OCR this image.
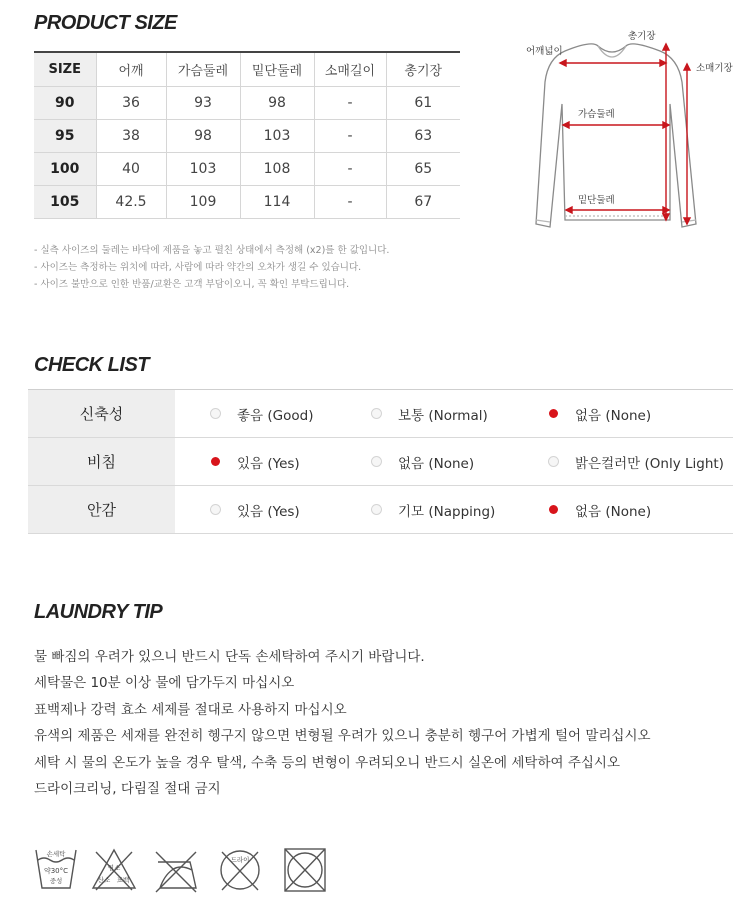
PRODUCT SIZE
SIZE	어깨	가슴둘레	밑단둘레	소매길이	총기장
90	36	93	98	-	61
95	38	98	103	-	63
100	40	103	108	-	65
105	42.5	109	114	-	67
- 실측 사이즈의 둘레는 바닥에 제품을 놓고 펼친 상태에서 측정해 (x2)를 한 값입니다.
- 사이즈는 측정하는 위치에 따라, 사람에 따라 약간의 오차가 생길 수 있습니다.
- 사이즈 불만으로 인한 반품/교환은 고객 부담이오니, 꼭 확인 부탁드립니다.
어깨넓이
총기장
소매기장
가슴둘레
밑단둘레
CHECK LIST
신축성	좋음 (Good)	보통 (Normal)	없음 (None)
비침	있음 (Yes)	없음 (None)	밝은컬러만 (Only Light)
안감	있음 (Yes)	기모 (Napping)	없음 (None)
LAUNDRY TIP
물 빠짐의 우려가 있으니 반드시 단독 손세탁하여 주시기 바랍니다.
세탁물은 10분 이상 물에 담가두지 마십시오
표백제나 강력 효소 세제를 절대로 사용하지 마십시오
유색의 제품은 세재를 완전히 헹구지 않으면 변형될 우려가 있으니 충분히 헹구어 가볍게 털어 말리십시오
세탁 시 물의 온도가 높을 경우 탈색, 수축 등의 변형이 우려되오니 반드시 실온에 세탁하여 주십시오
드라이크리닝, 다림질 절대 금지
손세탁
약30°C
중성
염소
산소 표백
드라이
